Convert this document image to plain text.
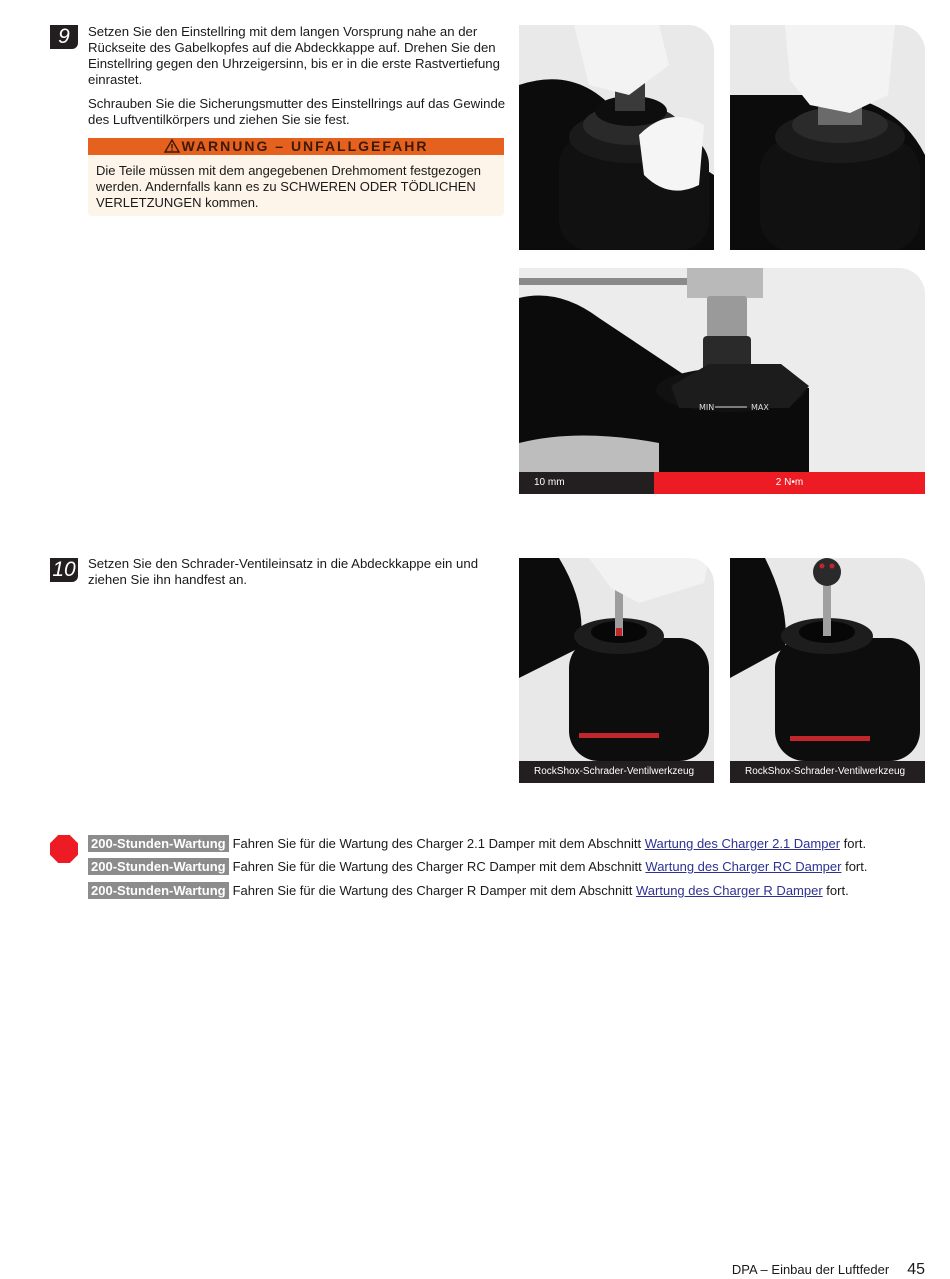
9	Setzen Sie den Einstellring mit dem langen Vorsprung nahe an der Rückseite des Gabelkopfes auf die Abdeckkappe auf. Drehen Sie den Einstellring gegen den Uhrzeigersinn, bis er in die erste Rastvertiefung einrastet.

Schrauben Sie die Sicherungsmutter des Einstellrings auf das Gewinde des Luftventilkörpers und ziehen Sie sie fest.

WARNUNG – UNFALLGEFAHR
Die Teile müssen mit dem angegebenen Drehmoment festgezogen werden. Andernfalls kann es zu SCHWEREN ODER TÖDLICHEN VERLETZUNGEN kommen.
MIN	MAX
10 mm	2 N•m
10 Setzen Sie den Schrader-Ventileinsatz in die Abdeckkappe ein und ziehen Sie ihn handfest an.

RockShox-Schrader-Ventilwerkzeug	RockShox-Schrader-Ventilwerkzeug
200-Stunden-Wartung Fahren Sie für die Wartung des Charger 2.1 Damper mit dem Abschnitt Wartung des Charger 2.1 Damper fort.
200-Stunden-Wartung Fahren Sie für die Wartung des Charger RC Damper mit dem Abschnitt Wartung des Charger RC Damper fort.
200-Stunden-Wartung Fahren Sie für die Wartung des Charger R Damper mit dem Abschnitt Wartung des Charger R Damper fort.
DPA – Einbau der Luftfeder 45
